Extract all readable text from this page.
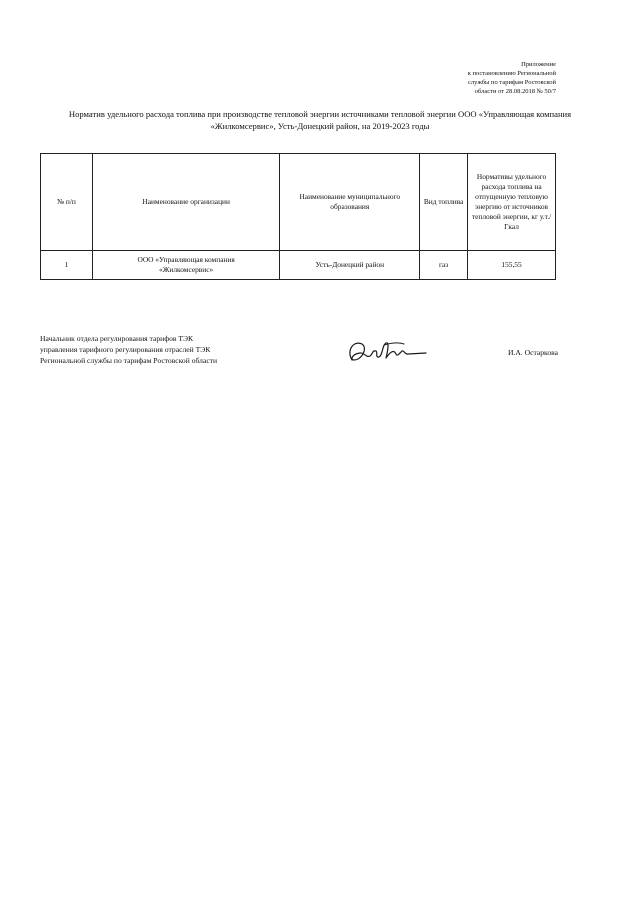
Приложение
к постановлению Региональной
службы по тарифам Ростовской
области от 28.08.2018 № 50/7
Норматив удельного расхода топлива при производстве тепловой энергии источниками тепловой энергии ООО «Управляющая компания
«Жилкомсервис», Усть-Донецкий район, на 2019-2023 годы
№ п/п	Наименование организации	Наименование муниципального образования	Вид топлива	Нормативы удельного расхода топлива на отпущенную тепловую энергию от источников тепловой энергии, кг у.т./Гкал
1	ООО «Управляющая компания
«Жилкомсервис»	Усть-Донецкий район	газ	155,55
Начальник отдела регулирования тарифов ТЭК
управления тарифного регулирования отраслей ТЭК
Региональной службы по тарифам Ростовской области
И.А. Остаркова
